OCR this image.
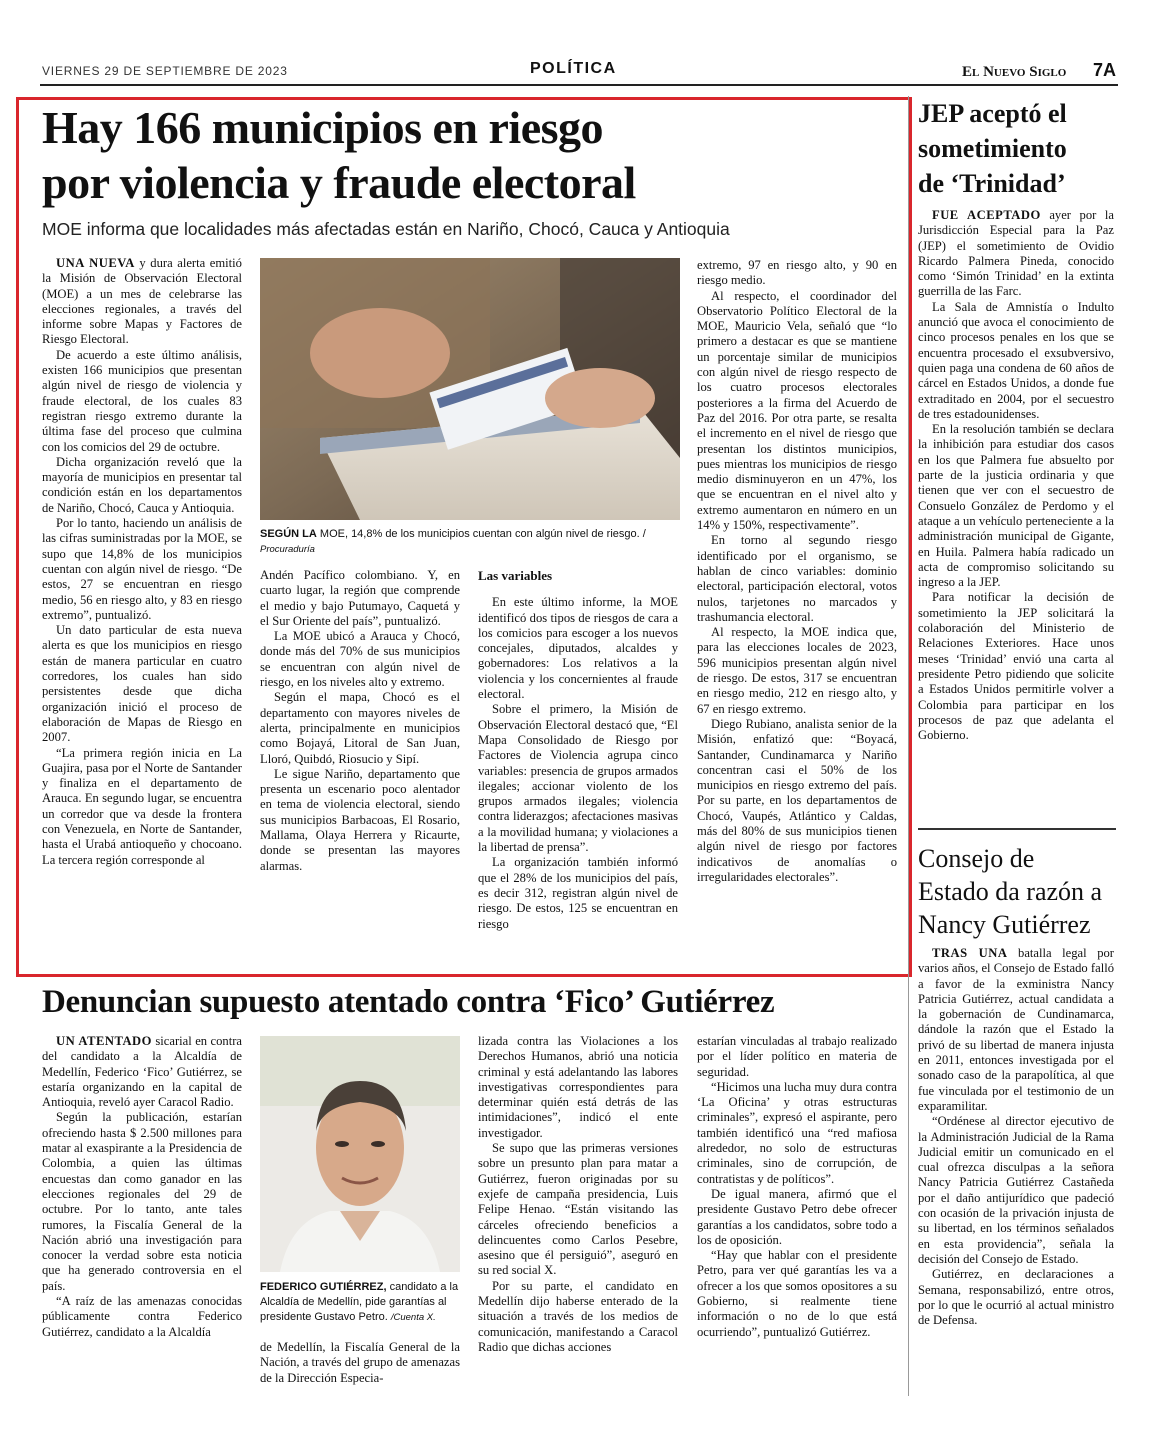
VIERNES 29 DE SEPTIEMBRE DE 2023	POLÍTICA	El Nuevo Siglo 7A
Hay 166 municipios en riesgo
por violencia y fraude electoral
MOE informa que localidades más afectadas están en Nariño, Chocó, Cauca y Antioquia

UNA NUEVA y dura alerta emitió la Misión de Observación Electoral (MOE) a un mes de celebrarse las elecciones regionales, a través del informe sobre Mapas y Factores de Riesgo Electoral.

De acuerdo a este último análisis, existen 166 municipios que presentan algún nivel de riesgo de violencia y fraude electoral, de los cuales 83 registran riesgo extremo durante la última fase del proceso que culmina con los comicios del 29 de octubre.

Dicha organización reveló que la mayoría de municipios en presentar tal condición están en los departamentos de Nariño, Chocó, Cauca y Antioquia.

Por lo tanto, haciendo un análisis de las cifras suministradas por la MOE, se supo que 14,8% de los municipios cuentan con algún nivel de riesgo. “De estos, 27 se encuentran en riesgo medio, 56 en riesgo alto, y 83 en riesgo extremo”, puntualizó.

Un dato particular de esta nueva alerta es que los municipios en riesgo están de manera particular en cuatro corredores, los cuales han sido persistentes desde que dicha organización inició el proceso de elaboración de Mapas de Riesgo en 2007.

“La primera región inicia en La Guajira, pasa por el Norte de Santander y finaliza en el departamento de Arauca. En segundo lugar, se encuentra un corredor que va desde la frontera con Venezuela, en Norte de Santander, hasta el Urabá antioqueño y chocoano. La tercera región corresponde al

SEGÚN LA MOE, 14,8% de los municipios cuentan con algún nivel de riesgo. /
Procuraduría

Andén Pacífico colombiano. Y, en cuarto lugar, la región que comprende el medio y bajo Putumayo, Caquetá y el Sur Oriente del país”, puntualizó.

La MOE ubicó a Arauca y Chocó, donde más del 70% de sus municipios se encuentran con algún nivel de riesgo, en los niveles alto y extremo.

Según el mapa, Chocó es el departamento con mayores niveles de alerta, principalmente en municipios como Bojayá, Litoral de San Juan, Lloró, Quibdó, Riosucio y Sipí.

Le sigue Nariño, departamento que presenta un escenario poco alentador en tema de violencia electoral, siendo sus municipios Barbacoas, El Rosario, Mallama, Olaya Herrera y Ricaurte, donde se presentan las mayores alarmas.

Las variables

En este último informe, la MOE identificó dos tipos de riesgos de cara a los comicios para escoger a los nuevos concejales, diputados, alcaldes y gobernadores: Los relativos a la violencia y los concernientes al fraude electoral.

Sobre el primero, la Misión de Observación Electoral destacó que, “El Mapa Consolidado de Riesgo por Factores de Violencia agrupa cinco variables: presencia de grupos armados ilegales; accionar violento de los grupos armados ilegales; violencia contra liderazgos; afectaciones masivas a la movilidad humana; y violaciones a la libertad de prensa”.

La organización también informó que el 28% de los municipios del país, es decir 312, registran algún nivel de riesgo. De estos, 125 se encuentran en riesgo

extremo, 97 en riesgo alto, y 90 en riesgo medio.

Al respecto, el coordinador del Observatorio Político Electoral de la MOE, Mauricio Vela, señaló que “lo primero a destacar es que se mantiene un porcentaje similar de municipios con algún nivel de riesgo respecto de los cuatro procesos electorales posteriores a la firma del Acuerdo de Paz del 2016. Por otra parte, se resalta el incremento en el nivel de riesgo que presentan los distintos municipios, pues mientras los municipios de riesgo medio disminuyeron en un 47%, los que se encuentran en el nivel alto y extremo aumentaron en número en un 14% y 150%, respectivamente”.

En torno al segundo riesgo identificado por el organismo, se hablan de cinco variables: dominio electoral, participación electoral, votos nulos, tarjetones no marcados y trashumancia electoral.

Al respecto, la MOE indica que, para las elecciones locales de 2023, 596 municipios presentan algún nivel de riesgo. De estos, 317 se encuentran en riesgo medio, 212 en riesgo alto, y 67 en riesgo extremo.

Diego Rubiano, analista senior de la Misión, enfatizó que: “Boyacá, Santander, Cundinamarca y Nariño concentran casi el 50% de los municipios en riesgo extremo del país. Por su parte, en los departamentos de Chocó, Vaupés, Atlántico y Caldas, más del 80% de sus municipios tienen algún nivel de riesgo por factores indicativos de anomalías o irregularidades electorales”.

JEP aceptó el
sometimiento
de ‘Trinidad’

FUE ACEPTADO ayer por la Jurisdicción Especial para la Paz (JEP) el sometimiento de Ovidio Ricardo Palmera Pineda, conocido como ‘Simón Trinidad’ en la extinta guerrilla de las Farc.

La Sala de Amnistía o Indulto anunció que avoca el conocimiento de cinco procesos penales en los que se encuentra procesado el exsubversivo, quien paga una condena de 60 años de cárcel en Estados Unidos, a donde fue extraditado en 2004, por el secuestro de tres estadounidenses.

En la resolución también se declara la inhibición para estudiar dos casos en los que Palmera fue absuelto por parte de la justicia ordinaria y que tienen que ver con el secuestro de Consuelo González de Perdomo y el ataque a un vehículo perteneciente a la administración municipal de Gigante, en Huila. Palmera había radicado un acta de compromiso solicitando su ingreso a la JEP.

Para notificar la decisión de sometimiento la JEP solicitará la colaboración del Ministerio de Relaciones Exteriores. Hace unos meses ‘Trinidad’ envió una carta al presidente Petro pidiendo que solicite a Estados Unidos permitirle volver a Colombia para participar en los procesos de paz que adelanta el Gobierno.

Consejo de
Estado da razón a
Nancy Gutiérrez

TRAS UNA batalla legal por varios años, el Consejo de Estado falló a favor de la exministra Nancy Patricia Gutiérrez, actual candidata a la gobernación de Cundinamarca, dándole la razón que el Estado la privó de su libertad de manera injusta en 2011, entonces investigada por el sonado caso de la parapolítica, al que fue vinculada por el testimonio de un exparamilitar.

“Ordénese al director ejecutivo de la Administración Judicial de la Rama Judicial emitir un comunicado en el cual ofrezca disculpas a la señora Nancy Patricia Gutiérrez Castañeda por el daño antijurídico que padeció con ocasión de la privación injusta de su libertad, en los términos señalados en esta providencia”, señala la decisión del Consejo de Estado.

Gutiérrez, en declaraciones a Semana, responsabilizó, entre otros, por lo que le ocurrió al actual ministro de Defensa.

Denuncian supuesto atentado contra ‘Fico’ Gutiérrez

UN ATENTADO sicarial en contra del candidato a la Alcaldía de Medellín, Federico ‘Fico’ Gutiérrez, se estaría organizando en la capital de Antioquia, reveló ayer Caracol Radio.

Según la publicación, estarían ofreciendo hasta $ 2.500 millones para matar al exaspirante a la Presidencia de Colombia, a quien las últimas encuestas dan como ganador en las elecciones regionales del 29 de octubre. Por lo tanto, ante tales rumores, la Fiscalía General de la Nación abrió una investigación para conocer la verdad sobre esta noticia que ha generado controversia en el país.

“A raíz de las amenazas conocidas públicamente contra Federico Gutiérrez, candidato a la Alcaldía

FEDERICO GUTIÉRREZ, candidato a la Alcaldía de Medellín, pide garantías al presidente Gustavo Petro. /Cuenta X.

de Medellín, la Fiscalía General de la Nación, a través del grupo de amenazas de la Dirección Especia-

lizada contra las Violaciones a los Derechos Humanos, abrió una noticia criminal y está adelantando las labores investigativas correspondientes para determinar quién está detrás de las intimidaciones”, indicó el ente investigador.

Se supo que las primeras versiones sobre un presunto plan para matar a Gutiérrez, fueron originadas por su exjefe de campaña presidencia, Luis Felipe Henao. “Están visitando las cárceles ofreciendo beneficios a delincuentes como Carlos Pesebre, asesino que él persiguió”, aseguró en su red social X.

Por su parte, el candidato en Medellín dijo haberse enterado de la situación a través de los medios de comunicación, manifestando a Caracol Radio que dichas acciones

estarían vinculadas al trabajo realizado por el líder político en materia de seguridad.

“Hicimos una lucha muy dura contra ‘La Oficina’ y otras estructuras criminales”, expresó el aspirante, pero también identificó una “red mafiosa alrededor, no solo de estructuras criminales, sino de corrupción, de contratistas y de políticos”.

De igual manera, afirmó que el presidente Gustavo Petro debe ofrecer garantías a los candidatos, sobre todo a los de oposición.

“Hay que hablar con el presidente Petro, para ver qué garantías les va a ofrecer a los que somos opositores a su Gobierno, si realmente tiene información o no de lo que está ocurriendo”, puntualizó Gutiérrez.
